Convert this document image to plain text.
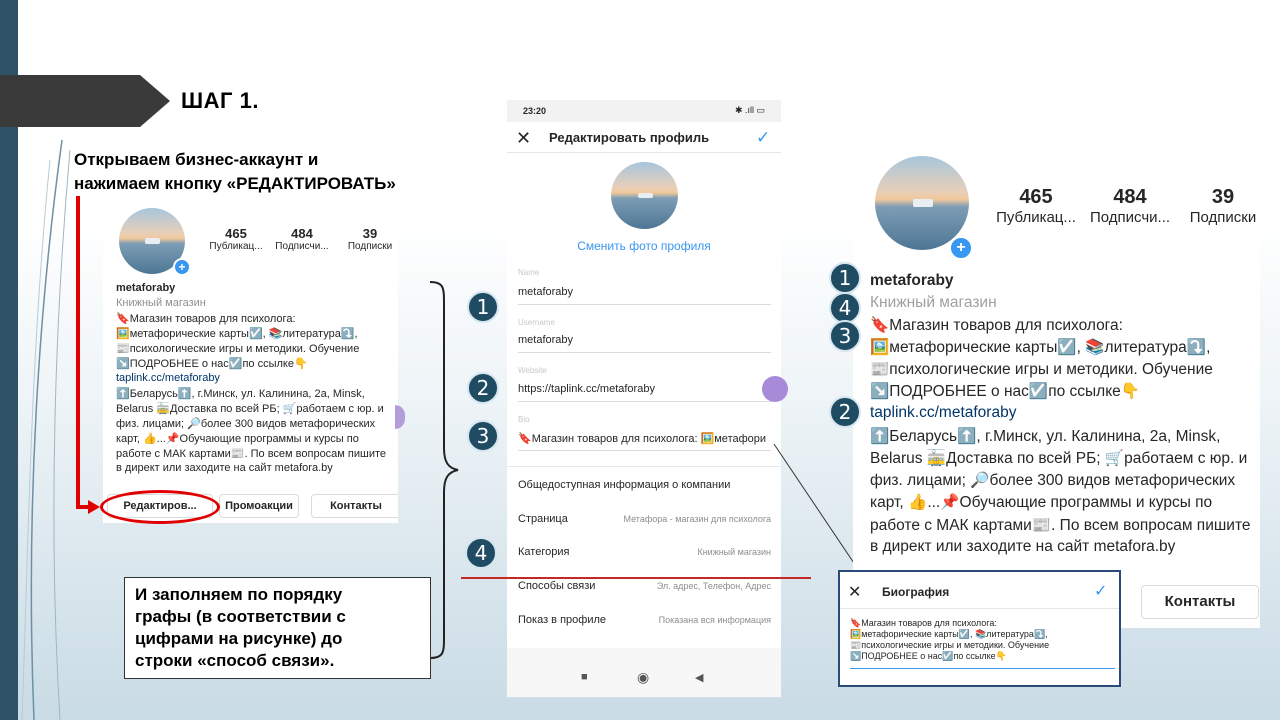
ШАГ 1.
Открываем бизнес-аккаунт и
нажимаем кнопку «РЕДАКТИРОВАТЬ»
+
465
Публикац...
484
Подписчи...
39
Подписки
metaforaby
Книжный магазин
🔖Магазин товаров для психолога:
🖼️метафорические карты☑️, 📚литература⤵️,
📰психологические игры и методики. Обучение
↘️ПОДРОБНЕЕ о нас☑️по ссылке👇
taplink.cc/metaforaby
⬆️Беларусь⬆️, г.Минск, ул. Калинина, 2а, Minsk,
Belarus 🚋Доставка по всей РБ; 🛒работаем с юр. и
физ. лицами; 🔎более 300 видов метафорических
карт, 👍...📌Обучающие программы и курсы по
работе с МАК картами📰. По всем вопросам пишите
в директ или заходите на сайт metafora.by
Редактиров...	Промоакции	Контакты
23:20	✱ .ıll ▭
✕ Редактировать профиль	✓
Сменить фото профиля
Name
metaforaby
Username
metaforaby
Website
https://taplink.cc/metaforaby
Bio
🔖Магазин товаров для психолога: 🖼️метафори
Общедоступная информация о компании
Страница	Метафора - магазин для психолога
Категория	Книжный магазин
Способы связи	Эл. адрес, Телефон, Адрес
Показ в профиле	Показана вся информация
■	◉	◀
1
2
3
4
+
465
Публикац...
484
Подписчи...
39
Подписки
metaforaby
Книжный магазин
🔖Магазин товаров для психолога:
🖼️метафорические карты☑️, 📚литература⤵️,
📰психологические игры и методики. Обучение
↘️ПОДРОБНЕЕ о нас☑️по ссылке👇
taplink.cc/metaforaby
⬆️Беларусь⬆️, г.Минск, ул. Калинина, 2а, Minsk,
Belarus 🚋Доставка по всей РБ; 🛒работаем с юр. и
физ. лицами; 🔎более 300 видов метафорических
карт, 👍...📌Обучающие программы и курсы по
работе с МАК картами📰. По всем вопросам пишите
в директ или заходите на сайт metafora.by
Контакты
1
4
3
2
✕ Биография	✓
🔖Магазин товаров для психолога:
🖼️метафорические карты☑️, 📚литература⤵️,
📰психологические игры и методики. Обучение
↘️ПОДРОБНЕЕ о нас☑️по ссылке👇
И заполняем по порядку
графы (в соответствии с
цифрами на рисунке) до
строки «способ связи».
